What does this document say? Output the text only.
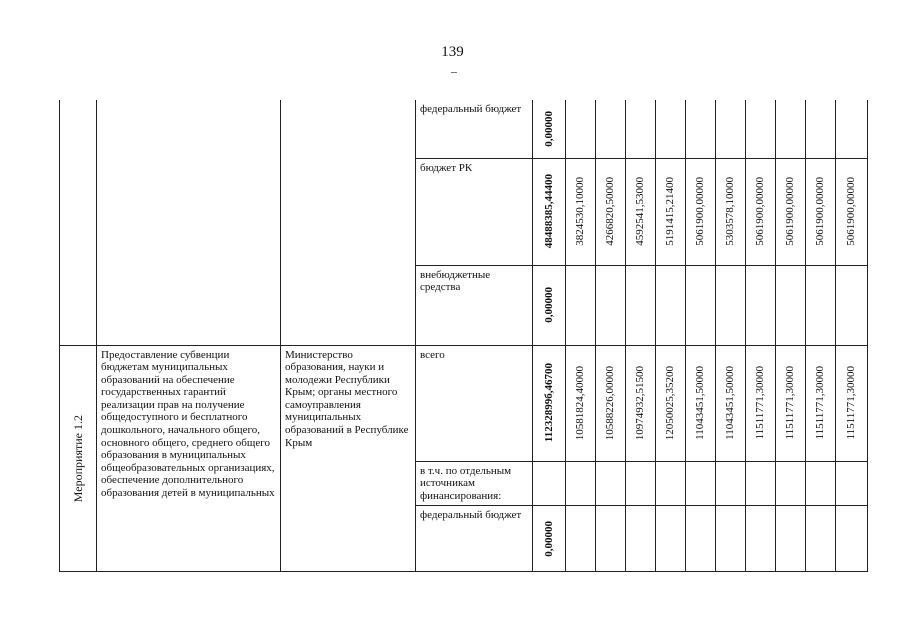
139
			федеральный бюджет	0,00000										

			бюджет РК	48488385,44400	3824530,10000	4266820,50000	4592541,53000	5191415,21400	5061900,00000	5303578,10000	5061900,00000	5061900,00000	5061900,00000	5061900,00000

			внебюджетные средства	0,00000										

Мероприятие 1.2	Предоставление субвенции бюджетам муниципальных образований на обеспечение государственных гарантий реализации прав на получение общедоступного и бесплатного дошкольного, начального общего, основного общего, среднего общего образования в муниципальных общеобразовательных организациях, обеспечение дополнительного образования детей в муниципальных	Министерство образования, науки и молодежи Республики Крым; органы местного самоуправления муниципальных образований в Республике Крым	всего	11232899б,46700	10581824,40000	10588226,00000	10974932,51500	12050025,35200	11043451,50000	11043451,50000	11511771,30000	11511771,30000	11511771,30000	11511771,30000

			в т.ч. по отдельным источникам финансирования:	

			федеральный бюджет	0,00000										
